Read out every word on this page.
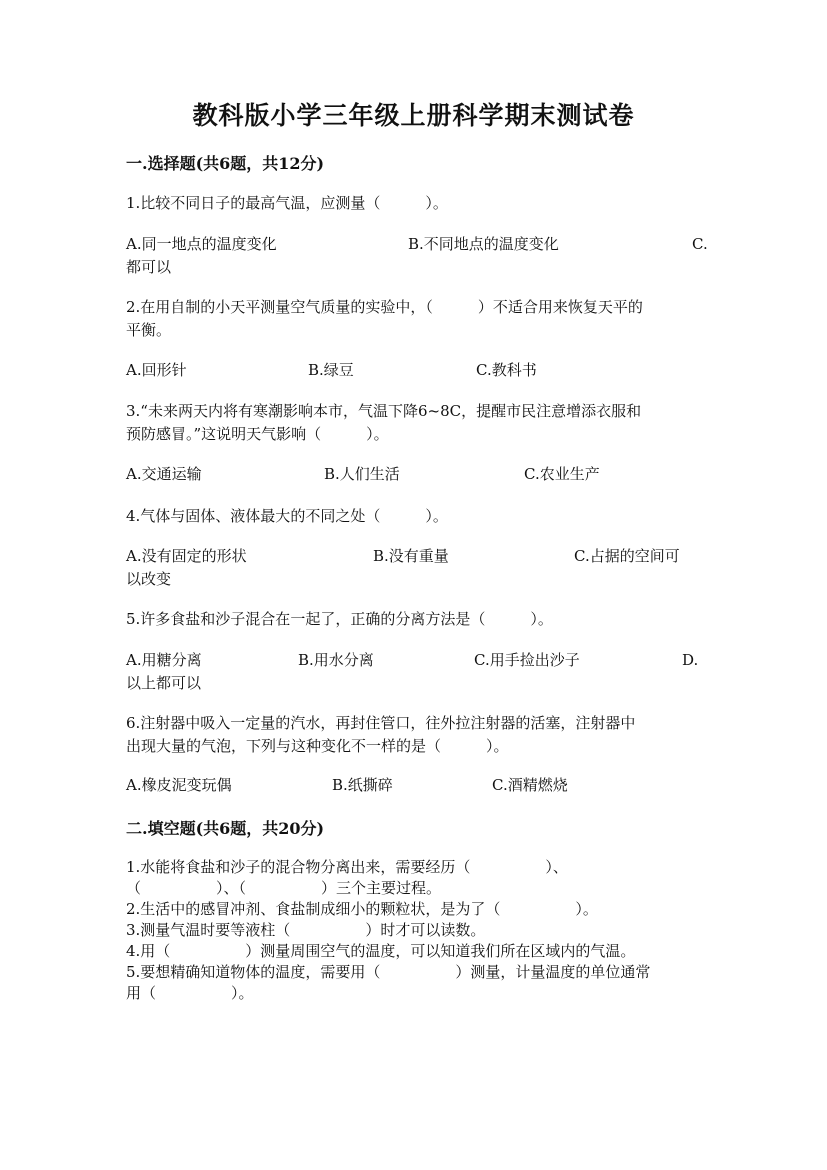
教科版小学三年级上册科学期末测试卷
一.选择题(共6题，共12分)
1.比较不同日子的最高气温，应测量（　　　）。
A.同一地点的温度变化	B.不同地点的温度变化	C.
都可以
2.在用自制的小天平测量空气质量的实验中，（　　　）不适合用来恢复天平的
平衡。
A.回形针	B.绿豆	C.教科书
3.“未来两天内将有寒潮影响本市，气温下降6~8C，提醒市民注意增添衣服和
预防感冒。”这说明天气影响（　　　）。
A.交通运输	B.人们生活	C.农业生产
4.气体与固体、液体最大的不同之处（　　　）。
A.没有固定的形状	B.没有重量	C.占据的空间可
以改变
5.许多食盐和沙子混合在一起了，正确的分离方法是（　　　）。
A.用糖分离	B.用水分离	C.用手捡出沙子	D.
以上都可以
6.注射器中吸入一定量的汽水，再封住管口，往外拉注射器的活塞，注射器中
出现大量的气泡，下列与这种变化不一样的是（　　　）。
A.橡皮泥变玩偶	B.纸撕碎	C.酒精燃烧
二.填空题(共6题，共20分)
1.水能将食盐和沙子的混合物分离出来，需要经历（　　　　　）、
（　　　　　）、（　　　　　）三个主要过程。
2.生活中的感冒冲剂、食盐制成细小的颗粒状，是为了（　　　　　）。
3.测量气温时要等液柱（　　　　　）时才可以读数。
4.用（　　　　　）测量周围空气的温度，可以知道我们所在区域内的气温。
5.要想精确知道物体的温度，需要用（　　　　　）测量，计量温度的单位通常
用（　　　　　）。
